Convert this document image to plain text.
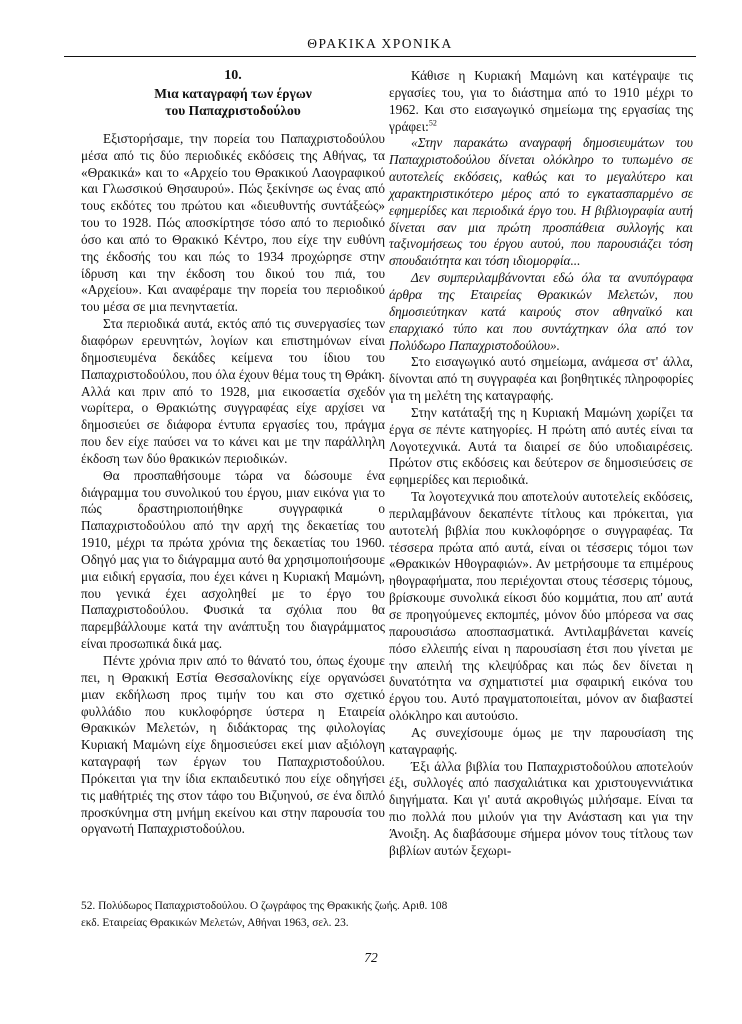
ΘΡΑΚΙΚΑ ΧΡΟΝΙΚΑ

10.

Μια καταγραφή των έργων
του Παπαχριστοδούλου

Εξιστορήσαμε, την πορεία του Παπαχριστοδούλου μέσα από τις δύο περιοδικές εκδόσεις της Αθήνας, τα «Θρακικά» και το «Αρχείο του Θρακικού Λαογραφικού και Γλωσσικού Θησαυρού». Πώς ξεκίνησε ως ένας από τους εκδότες του πρώτου και «διευθυντής συντάξεώς» του το 1928. Πώς αποσκίρτησε τόσο από το περιοδικό όσο και από το Θρακικό Κέντρο, που είχε την ευθύνη της έκδοσής του και πώς το 1934 προχώρησε στην ίδρυση και την έκδοση του δικού του πιά, του «Αρχείου». Και αναφέραμε την πορεία του περιοδικού του μέσα σε μια πενηνταετία.

Στα περιοδικά αυτά, εκτός από τις συνεργασίες των διαφόρων ερευνητών, λογίων και επιστημόνων είναι δημοσιευμένα δεκάδες κείμενα του ίδιου του Παπαχριστοδούλου, που όλα έχουν θέμα τους τη Θράκη. Αλλά και πριν από το 1928, μια εικοσαετία σχεδόν νωρίτερα, ο Θρακιώτης συγγραφέας είχε αρχίσει να δημοσιεύει σε διάφορα έντυπα εργασίες του, πράγμα που δεν είχε παύσει να το κάνει και με την παράλληλη έκδοση των δύο θρακικών περιοδικών.

Θα προσπαθήσουμε τώρα να δώσουμε ένα διάγραμμα του συνολικού του έργου, μιαν εικόνα για το πώς δραστηριοποιήθηκε συγγραφικά ο Παπαχριστοδούλου από την αρχή της δεκαετίας του 1910, μέχρι τα πρώτα χρόνια της δεκαετίας του 1960. Οδηγό μας για το διάγραμμα αυτό θα χρησιμοποιήσουμε μια ειδική εργασία, που έχει κάνει η Κυριακή Μαμώνη, που γενικά έχει ασχοληθεί με το έργο του Παπαχριστοδούλου. Φυσικά τα σχόλια που θα παρεμβάλλουμε κατά την ανάπτυξη του διαγράμματος είναι προσωπικά δικά μας.

Πέντε χρόνια πριν από το θάνατό του, όπως έχουμε πει, η Θρακική Εστία Θεσσαλονίκης είχε οργανώσει μιαν εκδήλωση προς τιμήν του και στο σχετικό φυλλάδιο που κυκλοφόρησε ύστερα η Εταιρεία Θρακικών Μελετών, η διδάκτορας της φιλολογίας Κυριακή Μαμώνη είχε δημοσιεύσει εκεί μιαν αξιόλογη καταγραφή των έργων του Παπαχριστοδούλου. Πρόκειται για την ίδια εκπαιδευτικό που είχε οδηγήσει τις μαθήτριές της στον τάφο του Βιζυηνού, σε ένα διπλό προσκύνημα στη μνήμη εκείνου και στην παρουσία του οργανωτή Παπαχριστοδούλου.

Κάθισε η Κυριακή Μαμώνη και κατέγραψε τις εργασίες του, για το διάστημα από το 1910 μέχρι το 1962. Και στο εισαγωγικό σημείωμα της εργασίας της γράφει:$^{52}$

«Στην παρακάτω αναγραφή δημοσιευμάτων του Παπαχριστοδούλου δίνεται ολόκληρο το τυπωμένο σε αυτοτελείς εκδόσεις, καθώς και το μεγαλύτερο και χαρακτηριστικότερο μέρος από το εγκατασπαρμένο σε εφημερίδες και περιοδικά έργο του. Η βιβλιογραφία αυτή δίνεται σαν μια πρώτη προσπάθεια συλλογής και ταξινομήσεως του έργου αυτού, που παρουσιάζει τόση σπουδαιότητα και τόση ιδιομορφία...

Δεν συμπεριλαμβάνονται εδώ όλα τα ανυπόγραφα άρθρα της Εταιρείας Θρακικών Μελετών, που δημοσιεύτηκαν κατά καιρούς στον αθηναϊκό και επαρχιακό τύπο και που συντάχτηκαν όλα από τον Πολύδωρο Παπαχριστοδούλου».

Στο εισαγωγικό αυτό σημείωμα, ανάμεσα στ' άλλα, δίνονται από τη συγγραφέα και βοηθητικές πληροφορίες για τη μελέτη της καταγραφής.

Στην κατάταξή της η Κυριακή Μαμώνη χωρίζει τα έργα σε πέντε κατηγορίες. Η πρώτη από αυτές είναι τα Λογοτεχνικά. Αυτά τα διαιρεί σε δύο υποδιαιρέσεις. Πρώτον στις εκδόσεις και δεύτερον σε δημοσιεύσεις σε εφημερίδες και περιοδικά.

Τα λογοτεχνικά που αποτελούν αυτοτελείς εκδόσεις, περιλαμβάνουν δεκαπέντε τίτλους και πρόκειται, για αυτοτελή βιβλία που κυκλοφόρησε ο συγγραφέας. Τα τέσσερα πρώτα από αυτά, είναι οι τέσσερις τόμοι των «Θρακικών Ηθογραφιών». Αν μετρήσουμε τα επιμέρους ηθογραφήματα, που περιέχονται στους τέσσερις τόμους, βρίσκουμε συνολικά είκοσι δύο κομμάτια, που απ' αυτά σε προηγούμενες εκπομπές, μόνον δύο μπόρεσα να σας παρουσιάσω αποσπασματικά. Αντιλαμβάνεται κανείς πόσο ελλειπής είναι η παρουσίαση έτσι που γίνεται με την απειλή της κλεψύδρας και πώς δεν δίνεται η δυνατότητα να σχηματιστεί μια σφαιρική εικόνα του έργου του. Αυτό πραγματοποιείται, μόνον αν διαβαστεί ολόκληρο και αυτούσιο.

Ας συνεχίσουμε όμως με την παρουσίαση της καταγραφής.

Έξι άλλα βιβλία του Παπαχριστοδούλου αποτελούν έξι, συλλογές από πασχαλιάτικα και χριστουγεννιάτικα διηγήματα. Και γι' αυτά ακροθιγώς μιλήσαμε. Είναι τα πιο πολλά που μιλούν για την Ανάσταση και για την Άνοιξη. Ας διαβάσουμε σήμερα μόνον τους τίτλους των βιβλίων αυτών ξεχωρι-

52. Πολύδωρος Παπαχριστοδούλου. Ο ζωγράφος της Θρακικής ζωής. Αριθ. 108

εκδ. Εταιρείας Θρακικών Μελετών, Αθήναι 1963, σελ. 23.

72
